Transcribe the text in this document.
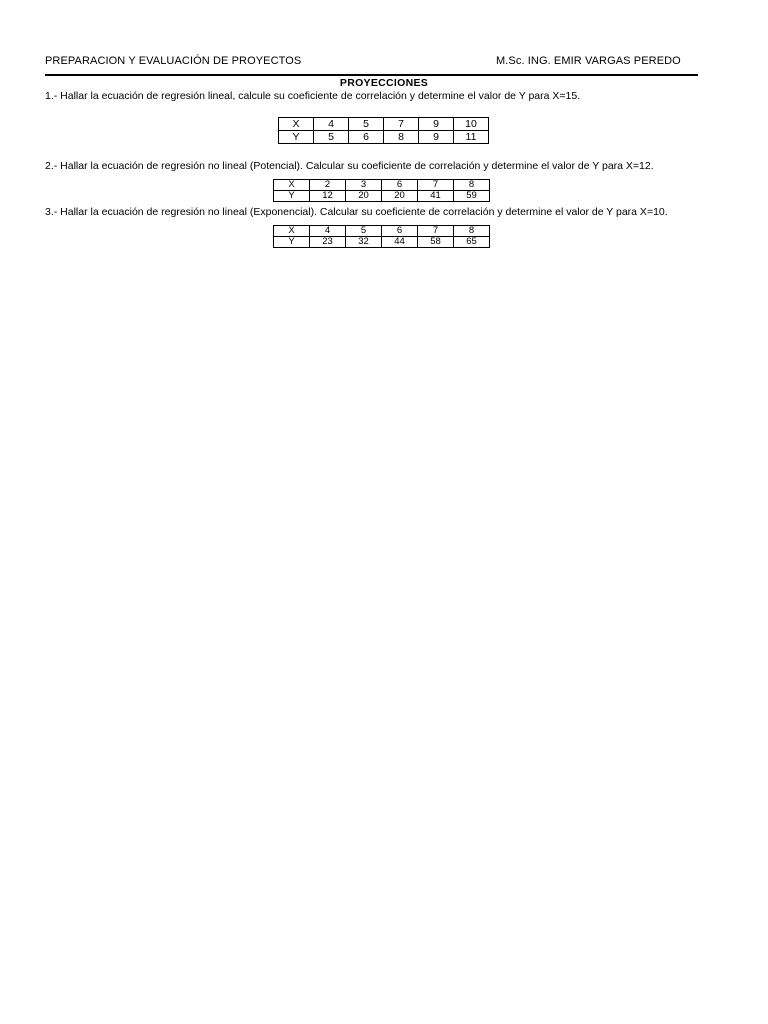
PREPARACION Y EVALUACIÓN DE PROYECTOS	M.Sc. ING. EMIR VARGAS PEREDO
PROYECCIONES
1.- Hallar la ecuación de regresión lineal, calcule su coeficiente de correlación y determine el valor de Y para X=15.
X	4	5	7	9	10
Y	5	6	8	9	11
2.- Hallar la ecuación de regresión no lineal (Potencial). Calcular su coeficiente de correlación y determine el valor de Y para X=12.
X	2	3	6	7	8
Y	12	20	20	41	59
3.- Hallar la ecuación de regresión no lineal (Exponencial). Calcular su coeficiente de correlación y determine el valor de Y para X=10.
X	4	5	6	7	8
Y	23	32	44	58	65
